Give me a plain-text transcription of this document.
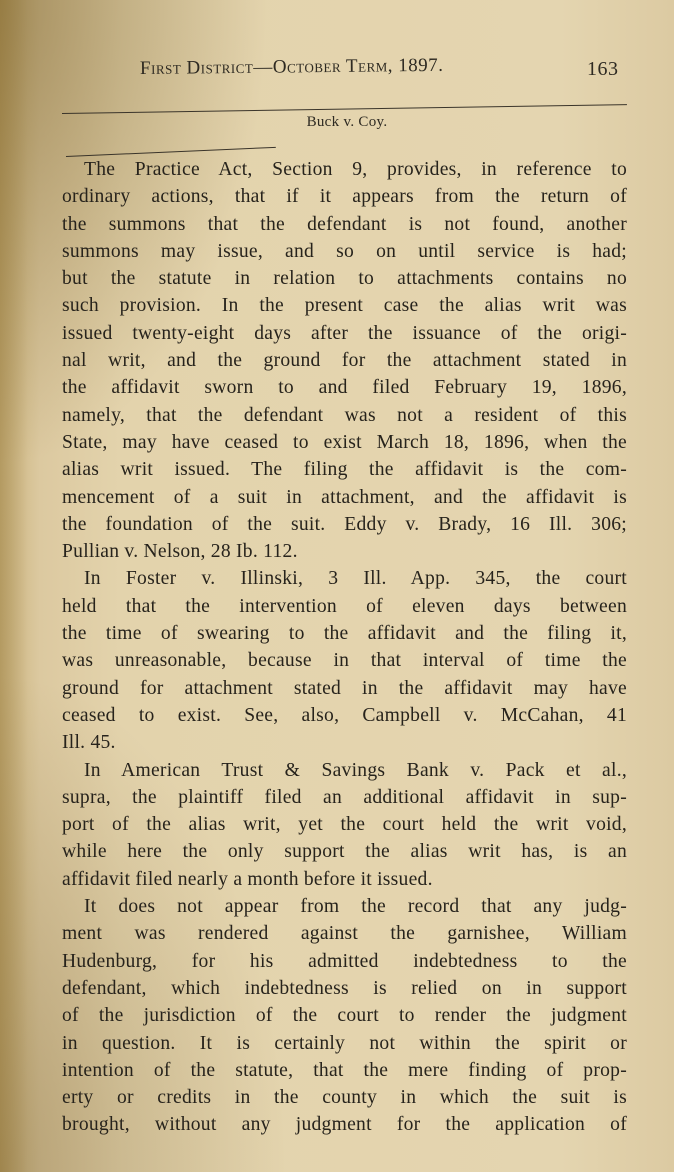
First District—October Term, 1897.	163
Buck v. Coy.
The Practice Act, Section 9, provides, in reference to
ordinary actions, that if it appears from the return of
the summons that the defendant is not found, another
summons may issue, and so on until service is had;
but the statute in relation to attachments contains no
such provision. In the present case the alias writ was
issued twenty-eight days after the issuance of the origi-
nal writ, and the ground for the attachment stated in
the affidavit sworn to and filed February 19, 1896,
namely, that the defendant was not a resident of this
State, may have ceased to exist March 18, 1896, when the
alias writ issued. The filing the affidavit is the com-
mencement of a suit in attachment, and the affidavit is
the foundation of the suit. Eddy v. Brady, 16 Ill. 306;
Pullian v. Nelson, 28 Ib. 112.
In Foster v. Illinski, 3 Ill. App. 345, the court
held that the intervention of eleven days between
the time of swearing to the affidavit and the filing it,
was unreasonable, because in that interval of time the
ground for attachment stated in the affidavit may have
ceased to exist. See, also, Campbell v. McCahan, 41
Ill. 45.
In American Trust & Savings Bank v. Pack et al.,
supra, the plaintiff filed an additional affidavit in sup-
port of the alias writ, yet the court held the writ void,
while here the only support the alias writ has, is an
affidavit filed nearly a month before it issued.
It does not appear from the record that any judg-
ment was rendered against the garnishee, William
Hudenburg, for his admitted indebtedness to the
defendant, which indebtedness is relied on in support
of the jurisdiction of the court to render the judgment
in question. It is certainly not within the spirit or
intention of the statute, that the mere finding of prop-
erty or credits in the county in which the suit is
brought, without any judgment for the application of
